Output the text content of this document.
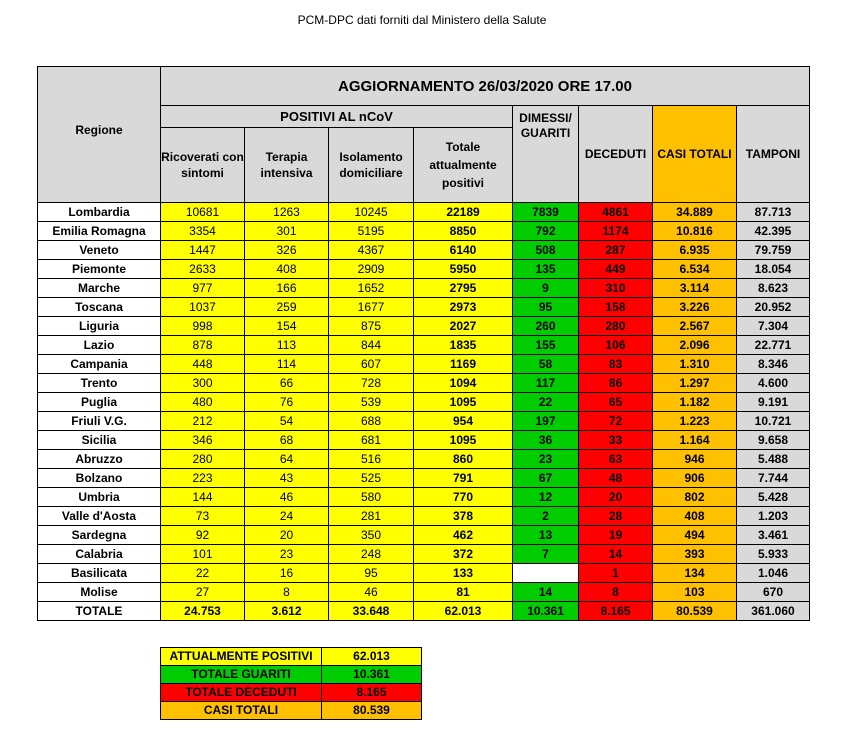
PCM-DPC dati forniti dal Ministero della Salute
Regione	AGGIORNAMENTO 26/03/2020 ORE 17.00							
	POSITIVI AL nCoV				DIMESSI/ GUARITI	DECEDUTI	CASI TOTALI	TAMPONI
	Ricoverati con sintomi	Terapia intensiva	Isolamento domiciliare	Totale attualmente positivi				
Lombardia	10681	1263	10245	22189	7839	4861	34.889	87.713
Emilia Romagna	3354	301	5195	8850	792	1174	10.816	42.395
Veneto	1447	326	4367	6140	508	287	6.935	79.759
Piemonte	2633	408	2909	5950	135	449	6.534	18.054
Marche	977	166	1652	2795	9	310	3.114	8.623
Toscana	1037	259	1677	2973	95	158	3.226	20.952
Liguria	998	154	875	2027	260	280	2.567	7.304
Lazio	878	113	844	1835	155	106	2.096	22.771
Campania	448	114	607	1169	58	83	1.310	8.346
Trento	300	66	728	1094	117	86	1.297	4.600
Puglia	480	76	539	1095	22	65	1.182	9.191
Friuli V.G.	212	54	688	954	197	72	1.223	10.721
Sicilia	346	68	681	1095	36	33	1.164	9.658
Abruzzo	280	64	516	860	23	63	946	5.488
Bolzano	223	43	525	791	67	48	906	7.744
Umbria	144	46	580	770	12	20	802	5.428
Valle d'Aosta	73	24	281	378	2	28	408	1.203
Sardegna	92	20	350	462	13	19	494	3.461
Calabria	101	23	248	372	7	14	393	5.933
Basilicata	22	16	95	133		1	134	1.046
Molise	27	8	46	81	14	8	103	670
TOTALE	24.753	3.612	33.648	62.013	10.361	8.165	80.539	361.060
ATTUALMENTE POSITIVI	62.013
TOTALE GUARITI	10.361
TOTALE DECEDUTI	8.165
CASI TOTALI	80.539
